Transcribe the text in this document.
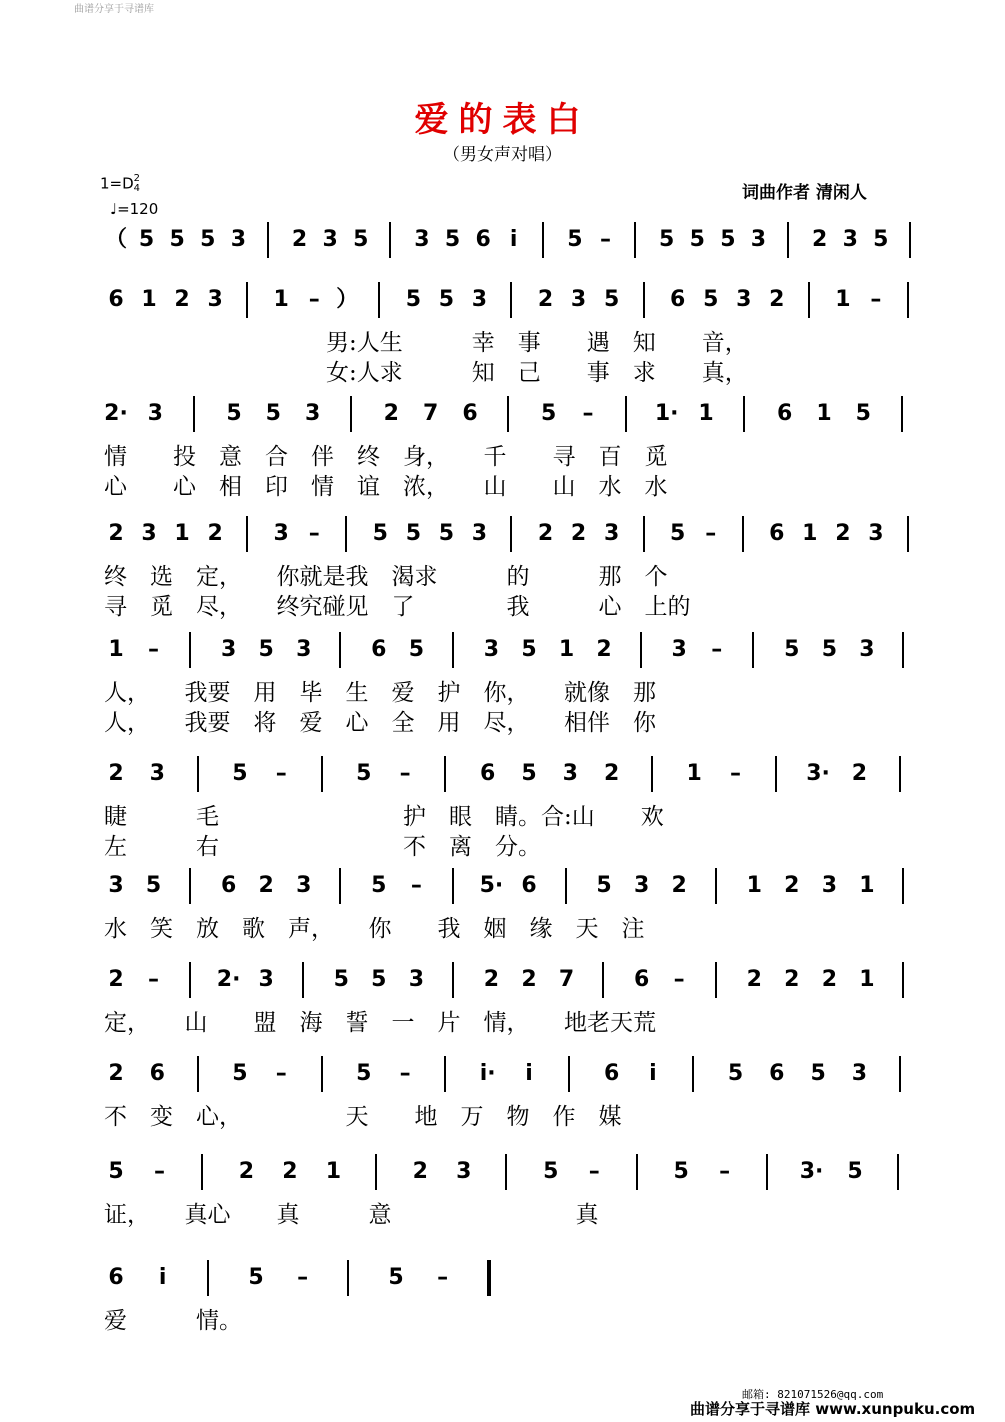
曲谱分享于寻谱库
爱的表白
（男女声对唱）
1=D2
4
♩=120
词曲作者 清闲人
（ 5 5 5 3 2 3 5 3 5 6 i	5 – 5 5 5 3 2 3 5
6 1 2 3 1 – ） 5 5 3 2 3 5 6 5 3 2 1 –
男:人生　　　幸　事　　遇　知　　音，
女:人求　　　知　己　　事　求　　真，
2· 3	5 5 3	2 7 6	5 –	1· 1	6 1 5
情　　投　意　合　伴　终　身，　　千　　寻　百　觅
心　　心　相　印　情　谊　浓，　　山　　山　水　水
2 3 1 2 3 – 5 5 5 3 2 2 3 5 – 6 1 2 3
终　选　定，　　你就是我　渴求　　　的　　　那　个
寻　觅　尽，　　终究碰见　了　　　　我　　　心　上的
1 –	3 5 3	6 5	3 5 1 2	3 –	5 5 3
人，　　我要　用　毕　生　爱　护　你，　　就像　那
人，　　我要　将　爱　心　全　用　尽，　　相伴　你
2 3	5 –	5 –	6 5 3 2	1 –	3· 2
睫　　　毛　　　　　　　　护　眼　睛。合:山　　欢
左　　　右　　　　　　　　不　离　分。
3 5	6 2 3	5 –	5· 6	5 3 2	1 2 3 1
水　笑　放　歌　声，　　你　　我　姻　缘　天　注
2 –	2· 3	5 5 3	2 2 7	6 –	2 2 2 1
定，　　山　　盟　海　誓　一　片　情，　　地老天荒
2 6	5 –	5 –	i·	i	6	i	5 6 5 3
不　变　心，　　　　　天　　地　万　物　作　媒
5 –	2 2 1	2 3	5 –	5 –	3· 5
证，　　真心　　真　　　意　　　　　　　　真
6	i	5 –	5 –
爱　　　情。
邮箱: 821071526@qq.com
曲谱分享于寻谱库 www.xunpuku.com
